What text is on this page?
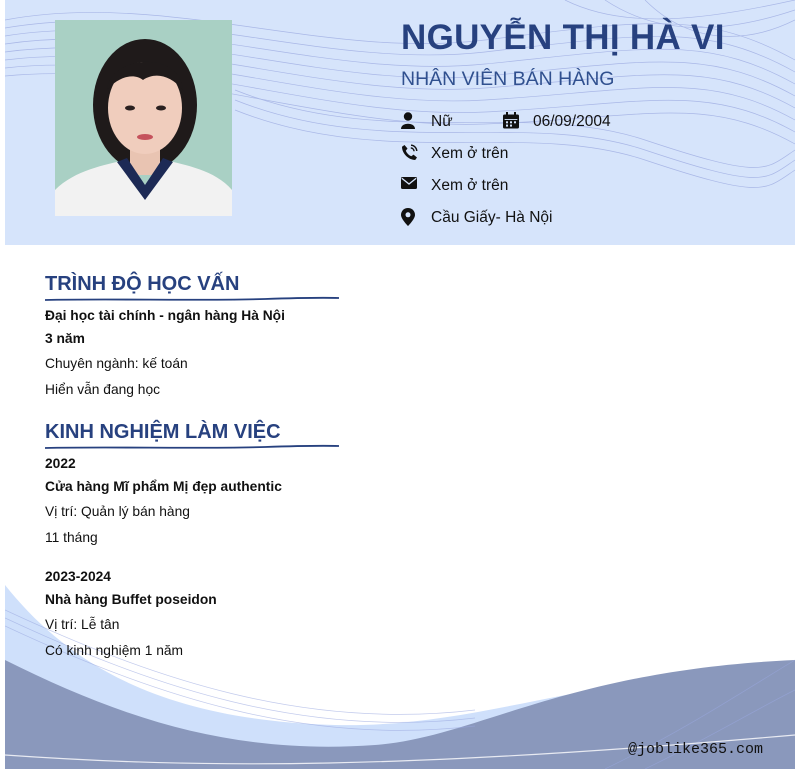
NGUYỄN THỊ HÀ VI
NHÂN VIÊN BÁN HÀNG
Nữ	06/09/2004
Xem ở trên
Xem ở trên
Cầu Giấy- Hà Nội
TRÌNH ĐỘ HỌC VẤN
Đại học tài chính - ngân hàng Hà Nội
3 năm
Chuyên ngành: kế toán
Hiển vẫn đang học
KINH NGHIỆM LÀM VIỆC
2022
Cửa hàng Mĩ phẩm Mị đẹp authentic
Vị trí: Quản lý bán hàng
11 tháng
2023-2024
Nhà hàng Buffet poseidon
Vị trí: Lễ tân
Có kinh nghiệm 1 năm
@joblike365.com
